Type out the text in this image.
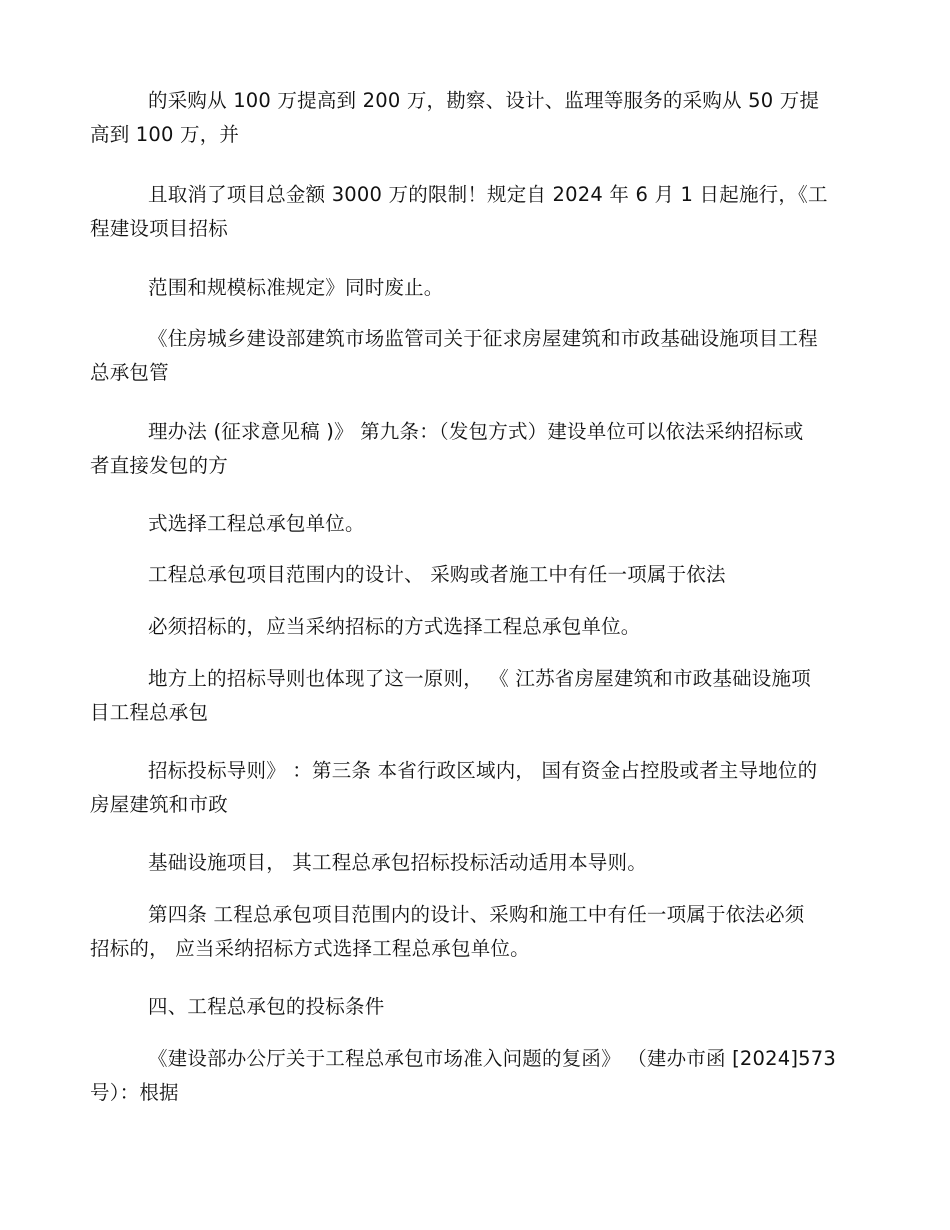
的采购从 100 万提高到 200 万，勘察、设计、监理等服务的采购从 50 万提
高到 100 万，并

且取消了项目总金额 3000 万的限制！规定自 2024 年 6 月 1 日起施行，《工
程建设项目招标

范围和规模标准规定》同时废止。

《住房城乡建设部建筑市场监管司关于征求房屋建筑和市政基础设施项目工程
总承包管

理办法 (征求意见稿 )》 第九条：（发包方式）建设单位可以依法采纳招标或
者直接发包的方

式选择工程总承包单位。

工程总承包项目范围内的设计、 采购或者施工中有任一项属于依法

必须招标的，应当采纳招标的方式选择工程总承包单位。

地方上的招标导则也体现了这一原则， 《 江苏省房屋建筑和市政基础设施项
目工程总承包

招标投标导则》 ：第三条 本省行政区域内， 国有资金占控股或者主导地位的
房屋建筑和市政

基础设施项目， 其工程总承包招标投标活动适用本导则。

第四条 工程总承包项目范围内的设计、采购和施工中有任一项属于依法必须
招标的， 应当采纳招标方式选择工程总承包单位。

四、工程总承包的投标条件

《建设部办公厅关于工程总承包市场准入问题的复函》 （建办市函 [2024]573
号）：根据
